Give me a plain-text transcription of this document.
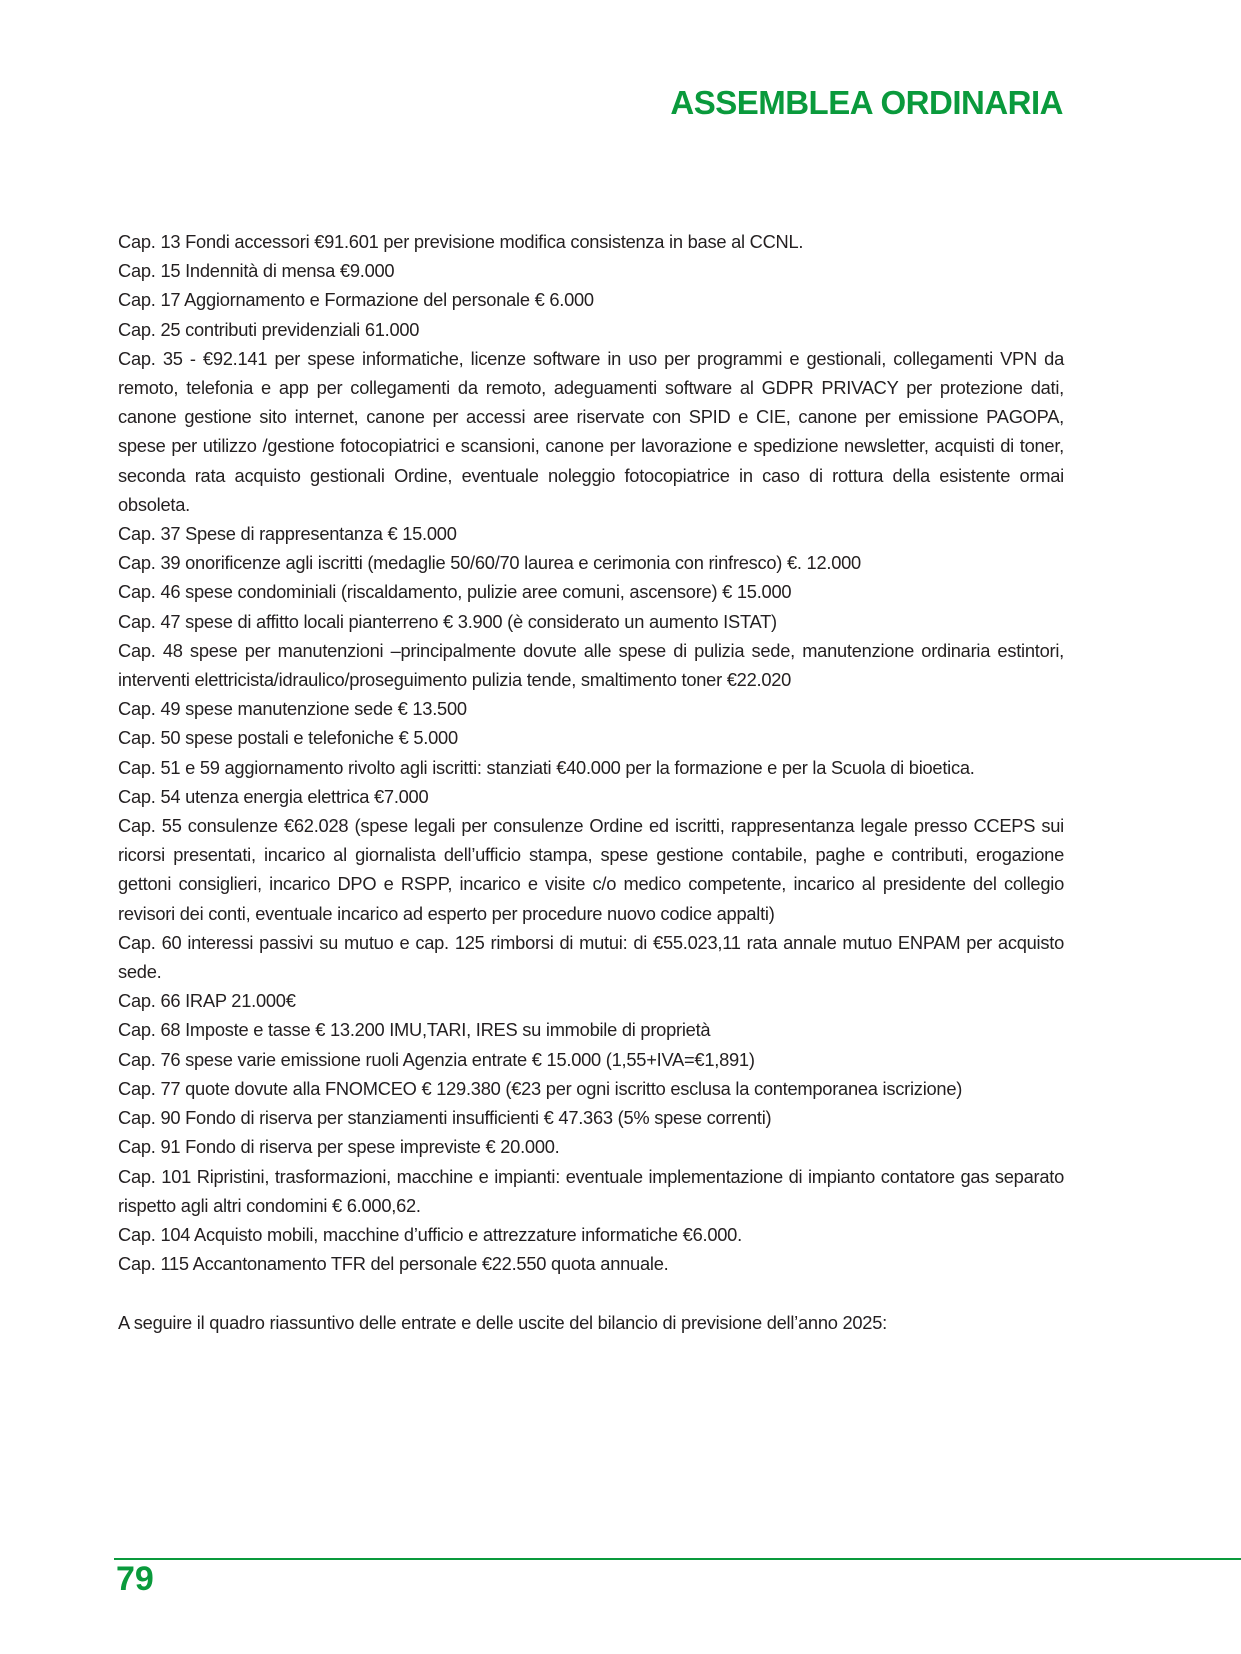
ASSEMBLEA ORDINARIA

Cap. 13 Fondi accessori €91.601 per previsione modifica consistenza in base al CCNL.

Cap. 15 Indennità di mensa €9.000

Cap. 17 Aggiornamento e Formazione del personale € 6.000

Cap. 25 contributi previdenziali 61.000

Cap. 35 - €92.141 per spese informatiche, licenze software in uso per programmi e gestionali, collegamenti VPN da remoto, telefonia e app per collegamenti da remoto, adeguamenti software al GDPR PRIVACY per protezione dati, canone gestione sito internet, canone per accessi aree riservate con SPID e CIE, canone per emissione PAGOPA, spese per utilizzo /gestione fotocopiatrici e scansioni, canone per lavorazione e spedizione newsletter, acquisti di toner, seconda rata acquisto gestionali Ordine, eventuale noleggio fotocopiatrice in caso di rottura della esistente ormai obsoleta.

Cap. 37 Spese di rappresentanza € 15.000

Cap. 39 onorificenze agli iscritti (medaglie 50/60/70 laurea e cerimonia con rinfresco) €. 12.000

Cap. 46 spese condominiali (riscaldamento, pulizie aree comuni, ascensore) € 15.000

Cap. 47 spese di affitto locali pianterreno € 3.900 (è considerato un aumento ISTAT)

Cap. 48 spese per manutenzioni –principalmente dovute alle spese di pulizia sede, manutenzione ordinaria estintori, interventi elettricista/idraulico/proseguimento pulizia tende, smaltimento toner €22.020

Cap. 49 spese manutenzione sede € 13.500

Cap. 50 spese postali e telefoniche € 5.000

Cap. 51 e 59 aggiornamento rivolto agli iscritti: stanziati €40.000 per la formazione e per la Scuola di bioetica.

Cap. 54 utenza energia elettrica €7.000

Cap. 55 consulenze €62.028 (spese legali per consulenze Ordine ed iscritti, rappresentanza legale presso CCEPS sui ricorsi presentati, incarico al giornalista dell’ufficio stampa, spese gestione contabile, paghe e contributi, erogazione gettoni consiglieri, incarico DPO e RSPP, incarico e visite c/o medico competente, incarico al presidente del collegio revisori dei conti, eventuale incarico ad esperto per procedure nuovo codice appalti)

Cap. 60 interessi passivi su mutuo e cap. 125 rimborsi di mutui: di €55.023,11 rata annale mutuo ENPAM per acquisto sede.

Cap. 66 IRAP 21.000€

Cap. 68 Imposte e tasse € 13.200 IMU,TARI, IRES su immobile di proprietà

Cap. 76 spese varie emissione ruoli Agenzia entrate € 15.000 (1,55+IVA=€1,891)

Cap. 77 quote dovute alla FNOMCEO € 129.380 (€23 per ogni iscritto esclusa la contemporanea iscrizione)

Cap. 90 Fondo di riserva per stanziamenti insufficienti € 47.363 (5% spese correnti)

Cap. 91 Fondo di riserva per spese impreviste € 20.000.

Cap. 101 Ripristini, trasformazioni, macchine e impianti: eventuale implementazione di impianto contatore gas separato rispetto agli altri condomini € 6.000,62.

Cap. 104 Acquisto mobili, macchine d’ufficio e attrezzature informatiche €6.000.

Cap. 115 Accantonamento TFR del personale €22.550 quota annuale.

A seguire il quadro riassuntivo delle entrate e delle uscite del bilancio di previsione dell’anno 2025:

79
